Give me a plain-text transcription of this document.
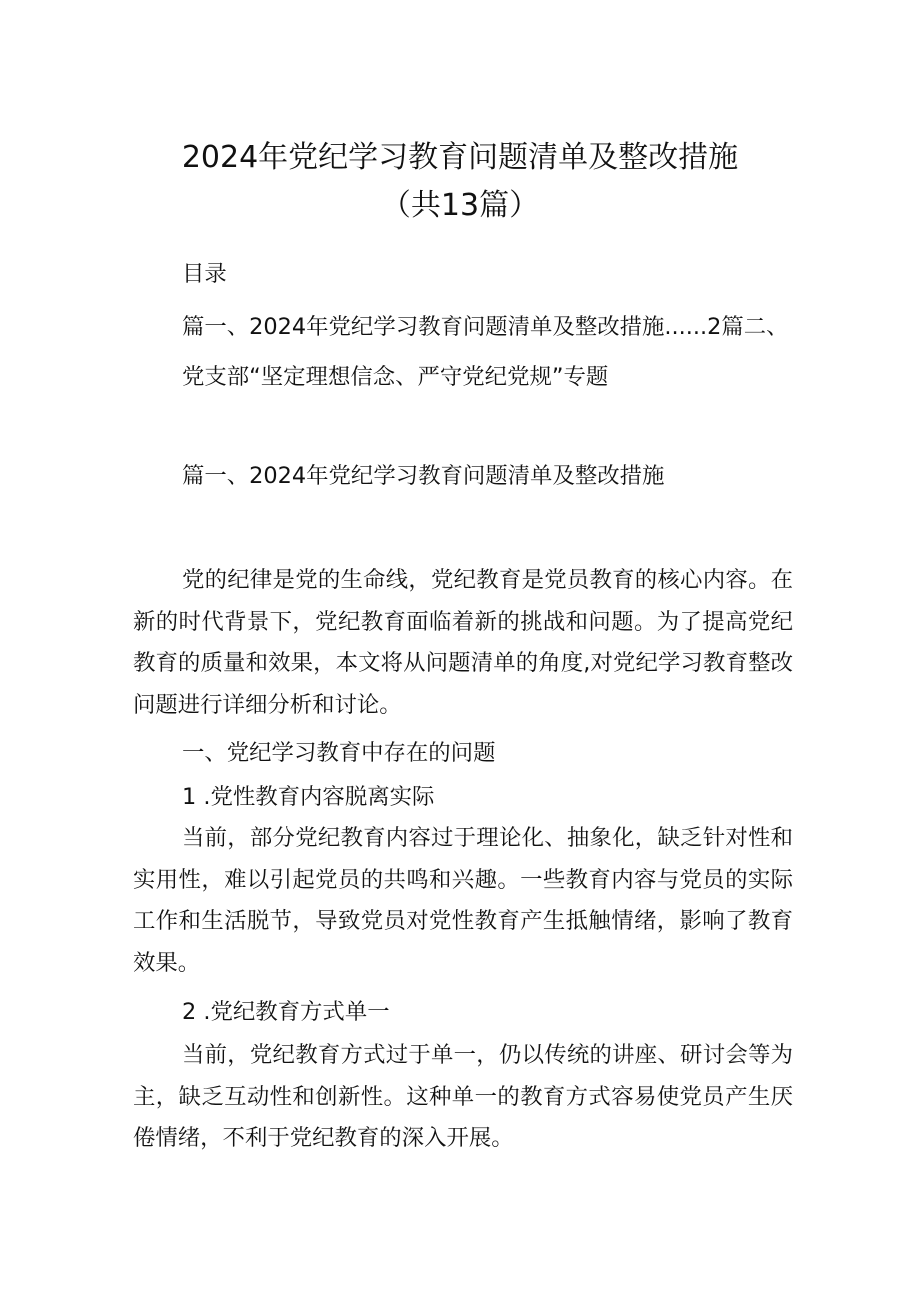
2024年党纪学习教育问题清单及整改措施
（共13篇）
目录
篇一、2024年党纪学习教育问题清单及整改措施......2篇二、
党支部“坚定理想信念、严守党纪党规”专题
篇一、2024年党纪学习教育问题清单及整改措施

党的纪律是党的生命线，党纪教育是党员教育的核心内容。在新的时代背景下，党纪教育面临着新的挑战和问题。为了提高党纪教育的质量和效果，本文将从问题清单的角度,对党纪学习教育整改问题进行详细分析和讨论。

一、党纪学习教育中存在的问题
1 .党性教育内容脱离实际

当前，部分党纪教育内容过于理论化、抽象化，缺乏针对性和实用性，难以引起党员的共鸣和兴趣。一些教育内容与党员的实际工作和生活脱节，导致党员对党性教育产生抵触情绪，影响了教育效果。

2 .党纪教育方式单一

当前，党纪教育方式过于单一，仍以传统的讲座、研讨会等为主，缺乏互动性和创新性。这种单一的教育方式容易使党员产生厌倦情绪，不利于党纪教育的深入开展。
